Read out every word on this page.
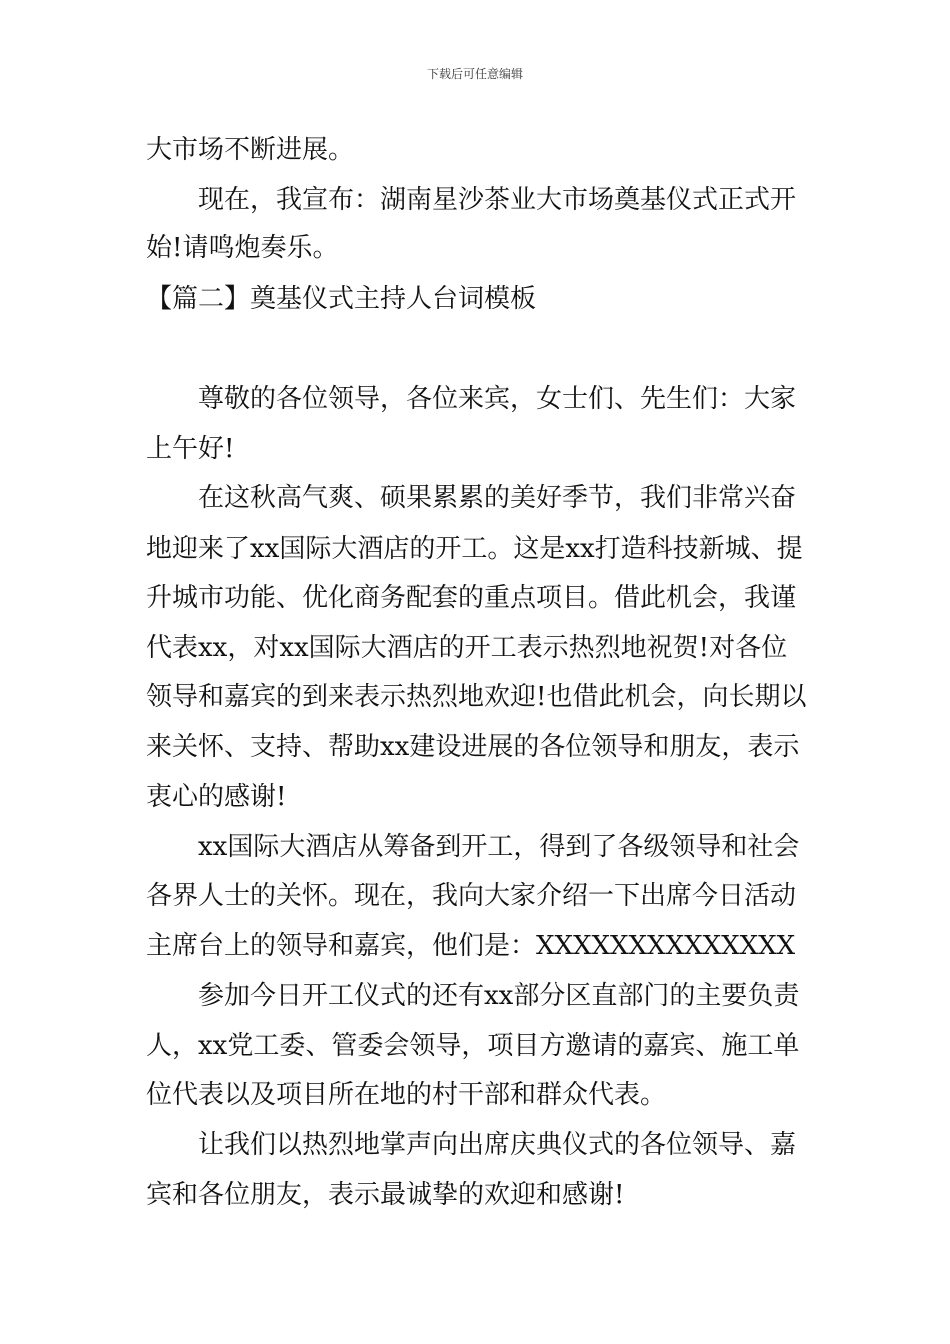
下载后可任意编辑
大市场不断进展。
现在，我宣布：湖南星沙茶业大市场奠基仪式正式开
始!请鸣炮奏乐。
【篇二】奠基仪式主持人台词模板
尊敬的各位领导，各位来宾，女士们、先生们：大家
上午好!
在这秋高气爽、硕果累累的美好季节，我们非常兴奋
地迎来了xx国际大酒店的开工。这是xx打造科技新城、提
升城市功能、优化商务配套的重点项目。借此机会，我谨
代表xx，对xx国际大酒店的开工表示热烈地祝贺!对各位
领导和嘉宾的到来表示热烈地欢迎!也借此机会，向长期以
来关怀、支持、帮助xx建设进展的各位领导和朋友，表示
衷心的感谢!
xx国际大酒店从筹备到开工，得到了各级领导和社会
各界人士的关怀。现在，我向大家介绍一下出席今日活动
主席台上的领导和嘉宾，他们是：XXXXXXXXXXXXXX
参加今日开工仪式的还有xx部分区直部门的主要负责
人，xx党工委、管委会领导，项目方邀请的嘉宾、施工单
位代表以及项目所在地的村干部和群众代表。
让我们以热烈地掌声向出席庆典仪式的各位领导、嘉
宾和各位朋友，表示最诚挚的欢迎和感谢!
